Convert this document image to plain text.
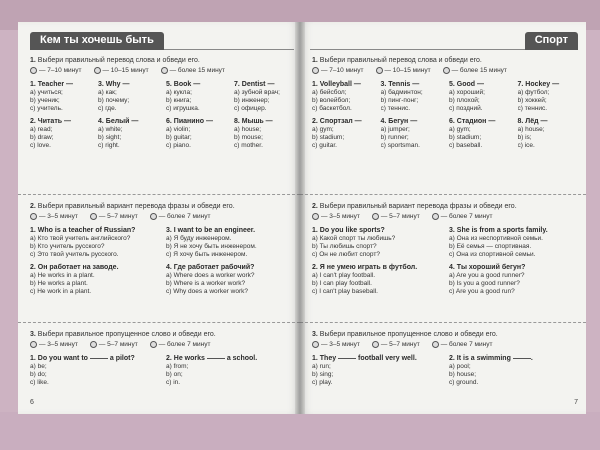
Кем ты хочешь быть
1. Выбери правильный перевод слова и обведи его.
— 7–10 минут	— 10–15 минут	— более 15 минут
1. Teacher —
a) учиться;
b) ученик;
c) учитель.
3. Why —
a) как;
b) почему;
c) где.
5. Book —
a) кукла;
b) книга;
c) игрушка.
7. Dentist —
a) зубной врач;
b) инженер;
c) офицер.
2. Читать —
a) read;
b) draw;
c) love.
4. Белый —
a) white;
b) sight;
c) right.
6. Пианино —
a) violin;
b) guitar;
c) piano.
8. Мышь —
a) house;
b) mouse;
c) mother.
2. Выбери правильный вариант перевода фразы и обведи его.
— 3–5 минут	— 5–7 минут	— более 7 минут
1. Who is a teacher of Russian?
a) Кто твой учитель английского?
b) Кто учитель русского?
c) Это твой учитель русского.
3. I want to be an engineer.
a) Я буду инженером.
b) Я не хочу быть инженером.
c) Я хочу быть инженером.
2. Он работает на заводе.
a) He works in a plant.
b) He works a plant.
c) He work in a plant.
4. Где работает рабочий?
a) Where does a worker work?
b) Where is a worker work?
c) Why does a worker work?
3. Выбери правильное пропущенное слово и обведи его.
— 3–5 минут	— 5–7 минут	— более 7 минут
1. Do you want to	a pilot?
a) be;
b) do;
c) like.
2. He works	a school.
a) from;
b) on;
c) in.
6
Спорт
1. Выбери правильный перевод слова и обведи его.
— 7–10 минут	— 10–15 минут	— более 15 минут
1. Volleyball —
a) бейсбол;
b) волейбол;
c) баскетбол.
3. Tennis —
a) бадминтон;
b) пинг-понг;
c) теннис.
5. Good —
a) хороший;
b) плохой;
c) поздний.
7. Hockey —
a) футбол;
b) хоккей;
c) теннис.
2. Спортзал —
a) gym;
b) stadium;
c) guitar.
4. Бегун —
a) jumper;
b) runner;
c) sportsman.
6. Стадион —
a) gym;
b) stadium;
c) baseball.
8. Лёд —
a) house;
b) is;
c) ice.
2. Выбери правильный вариант перевода фразы и обведи его.
— 3–5 минут	— 5–7 минут	— более 7 минут
1. Do you like sports?
a) Какой спорт ты любишь?
b) Ты любишь спорт?
c) Он не любит спорт?
3. She is from a sports family.
a) Она из неспортивной семьи.
b) Её семья — спортивная.
c) Она из спортивной семьи.
2. Я не умею играть в футбол.
a) I can't play football.
b) I can play football.
c) I can't play baseball.
4. Ты хороший бегун?
a) Are you a good runner?
b) Is you a good runner?
c) Are you a good run?
3. Выбери правильное пропущенное слово и обведи его.
— 3–5 минут	— 5–7 минут	— более 7 минут
1. They	football very well.
a) run;
b) sing;
c) play.
2. It is a swimming	.
a) pool;
b) house;
c) ground.
7
